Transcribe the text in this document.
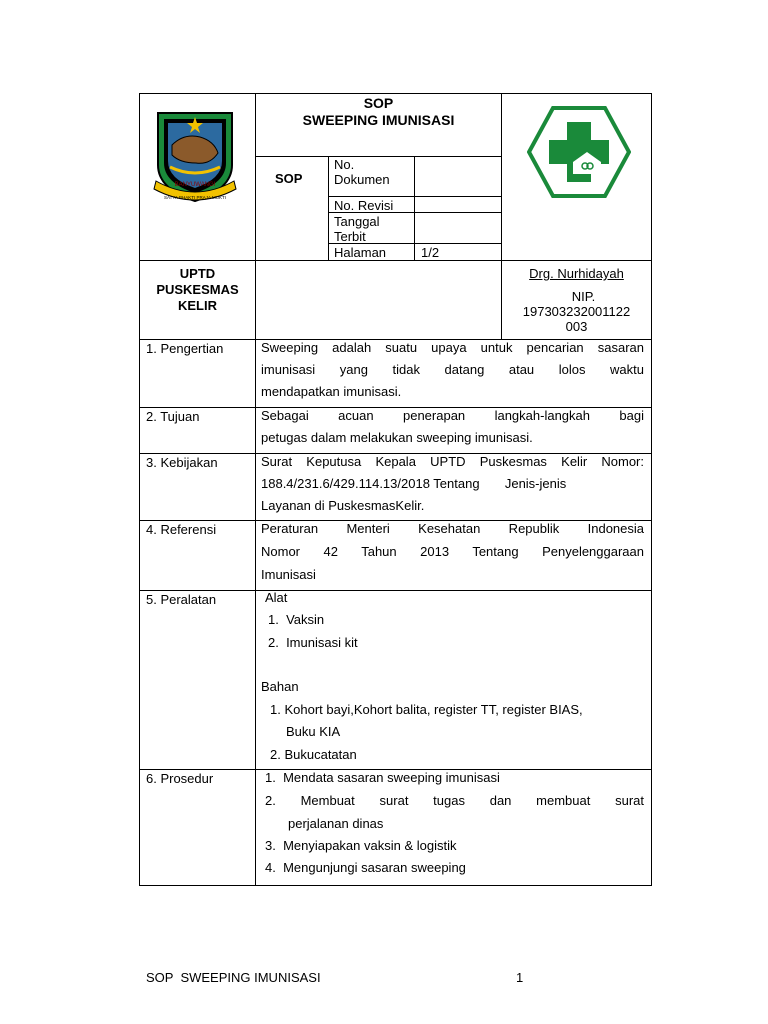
BANYUWANGI
SATYA BHAKTI PRAJA MUKTI
SOP
SWEEPING IMUNISASI
SOP
No.
Dokumen
No. Revisi
Tanggal
Terbit
Halaman	1/2
UPTD
PUSKESMAS
KELIR
Drg. Nurhidayah
NIP.
197303232001122
003
1. Pengertian
2. Tujuan
3. Kebijakan
4. Referensi
5. Peralatan
6. Prosedur
Sweeping adalah suatu upaya untuk pencarian sasaran
imunisasi yang tidak datang atau lolos waktu
mendapatkan imunisasi.
Sebagai acuan penerapan langkah-langkah bagi
petugas dalam melakukan sweeping imunisasi.
Surat Keputusa Kepala UPTD Puskesmas Kelir Nomor:
188.4/231.6/429.114.13/2018 Tentang       Jenis-jenis
Layanan di PuskesmasKelir.
Peraturan Menteri Kesehatan Republik Indonesia
Nomor 42 Tahun 2013 Tentang Penyelenggaraan
Imunisasi
Alat
1.  Vaksin
2.  Imunisasi kit
Bahan
1. Kohort bayi,Kohort balita, register TT, register BIAS,
Buku KIA
2. Bukucatatan
1.  Mendata sasaran sweeping imunisasi
2. Membuat surat tugas dan membuat surat
perjalanan dinas
3.  Menyiapakan vaksin & logistik
4.  Mengunjungi sasaran sweeping
SOP  SWEEPING IMUNISASI	1
